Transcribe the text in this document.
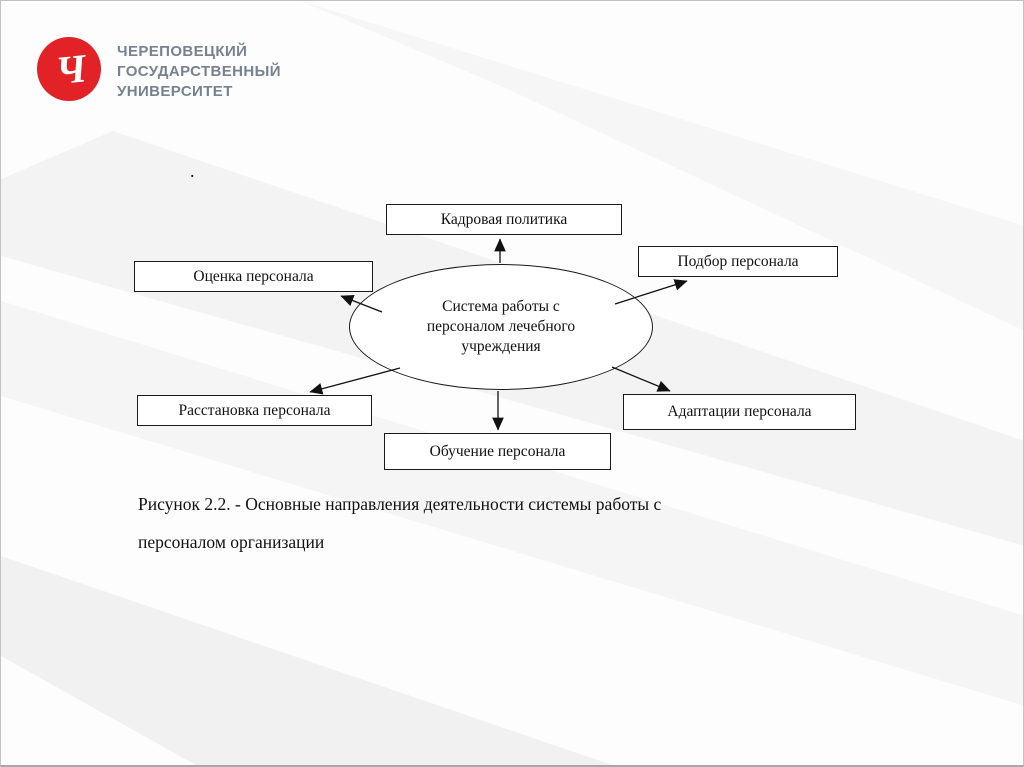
Ч ЧЕРЕПОВЕЦКИЙ
ГОСУДАРСТВЕННЫЙ
УНИВЕРСИТЕТ
.
Кадровая политика
Подбор персонала
Оценка персонала
Расстановка персонала	Адаптации персонала
Обучение персонала
Система работы с персоналом лечебного учреждения
Рисунок 2.2. - Основные направления деятельности системы работы с
персоналом организации
